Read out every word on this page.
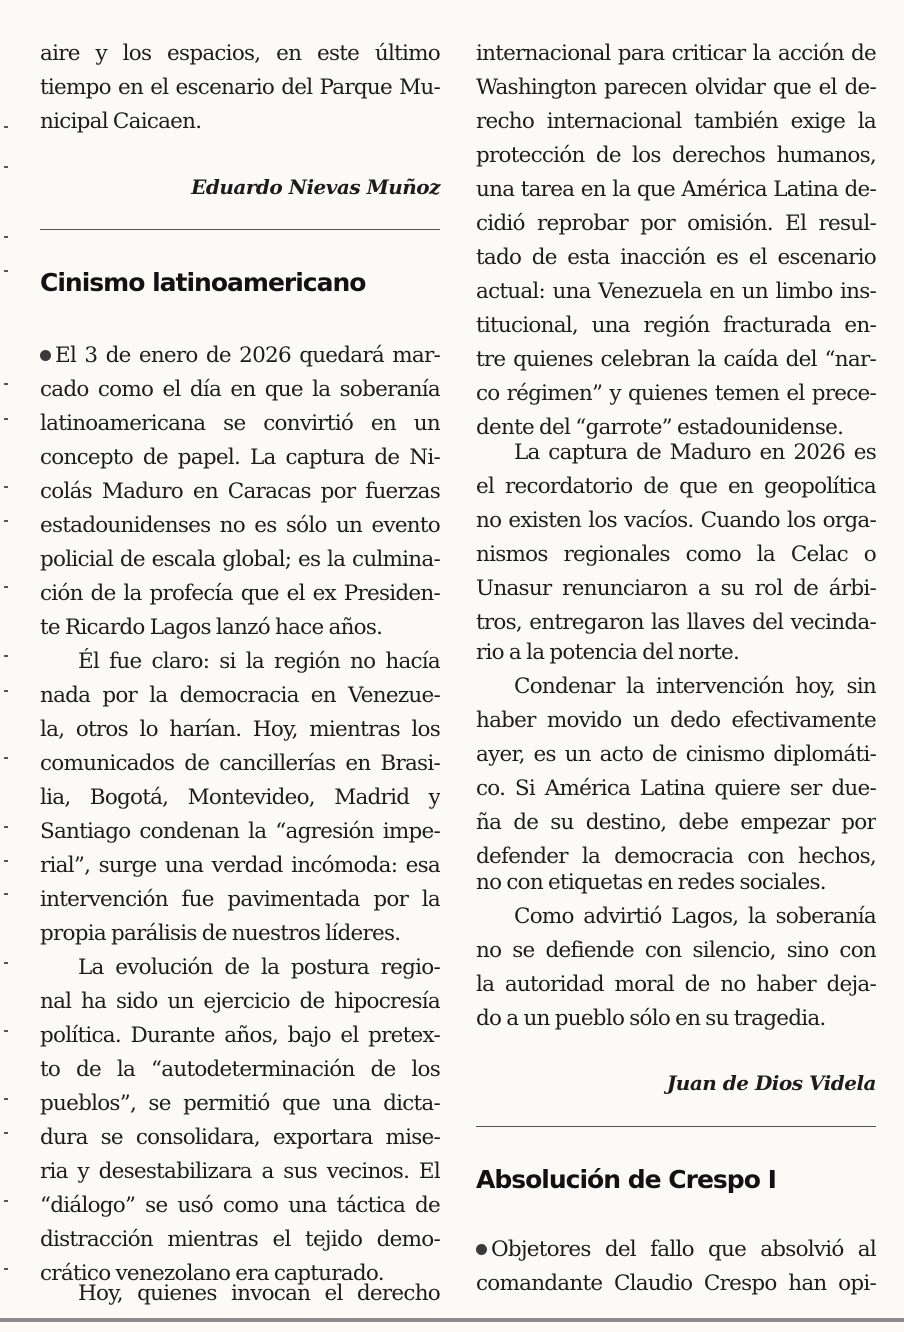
aire y los espacios, en este último
tiempo en el escenario del Parque Mu-
nicipal Caicaen.
Eduardo Nievas Muñoz
Cinismo latinoamericano
El 3 de enero de 2026 quedará mar-
cado como el día en que la soberanía
latinoamericana se convirtió en un
concepto de papel. La captura de Ni-
colás Maduro en Caracas por fuerzas
estadounidenses no es sólo un evento
policial de escala global; es la culmina-
ción de la profecía que el ex Presiden-
te Ricardo Lagos lanzó hace años.
Él fue claro: si la región no hacía
nada por la democracia en Venezue-
la, otros lo harían. Hoy, mientras los
comunicados de cancillerías en Brasi-
lia, Bogotá, Montevideo, Madrid y
Santiago condenan la “agresión impe-
rial”, surge una verdad incómoda: esa
intervención fue pavimentada por la
propia parálisis de nuestros líderes.
La evolución de la postura regio-
nal ha sido un ejercicio de hipocresía
política. Durante años, bajo el pretex-
to de la “autodeterminación de los
pueblos”, se permitió que una dicta-
dura se consolidara, exportara mise-
ria y desestabilizara a sus vecinos. El
“diálogo” se usó como una táctica de
distracción mientras el tejido demo-
crático venezolano era capturado.
Hoy, quienes invocan el derecho
internacional para criticar la acción de
Washington parecen olvidar que el de-
recho internacional también exige la
protección de los derechos humanos,
una tarea en la que América Latina de-
cidió reprobar por omisión. El resul-
tado de esta inacción es el escenario
actual: una Venezuela en un limbo ins-
titucional, una región fracturada en-
tre quienes celebran la caída del “nar-
co régimen” y quienes temen el prece-
dente del “garrote” estadounidense.
La captura de Maduro en 2026 es
el recordatorio de que en geopolítica
no existen los vacíos. Cuando los orga-
nismos regionales como la Celac o
Unasur renunciaron a su rol de árbi-
tros, entregaron las llaves del vecinda-
rio a la potencia del norte.
Condenar la intervención hoy, sin
haber movido un dedo efectivamente
ayer, es un acto de cinismo diplomáti-
co. Si América Latina quiere ser due-
ña de su destino, debe empezar por
defender la democracia con hechos,
no con etiquetas en redes sociales.
Como advirtió Lagos, la soberanía
no se defiende con silencio, sino con
la autoridad moral de no haber deja-
do a un pueblo sólo en su tragedia.
Juan de Dios Videla
Absolución de Crespo I
Objetores del fallo que absolvió al
comandante Claudio Crespo han opi-
